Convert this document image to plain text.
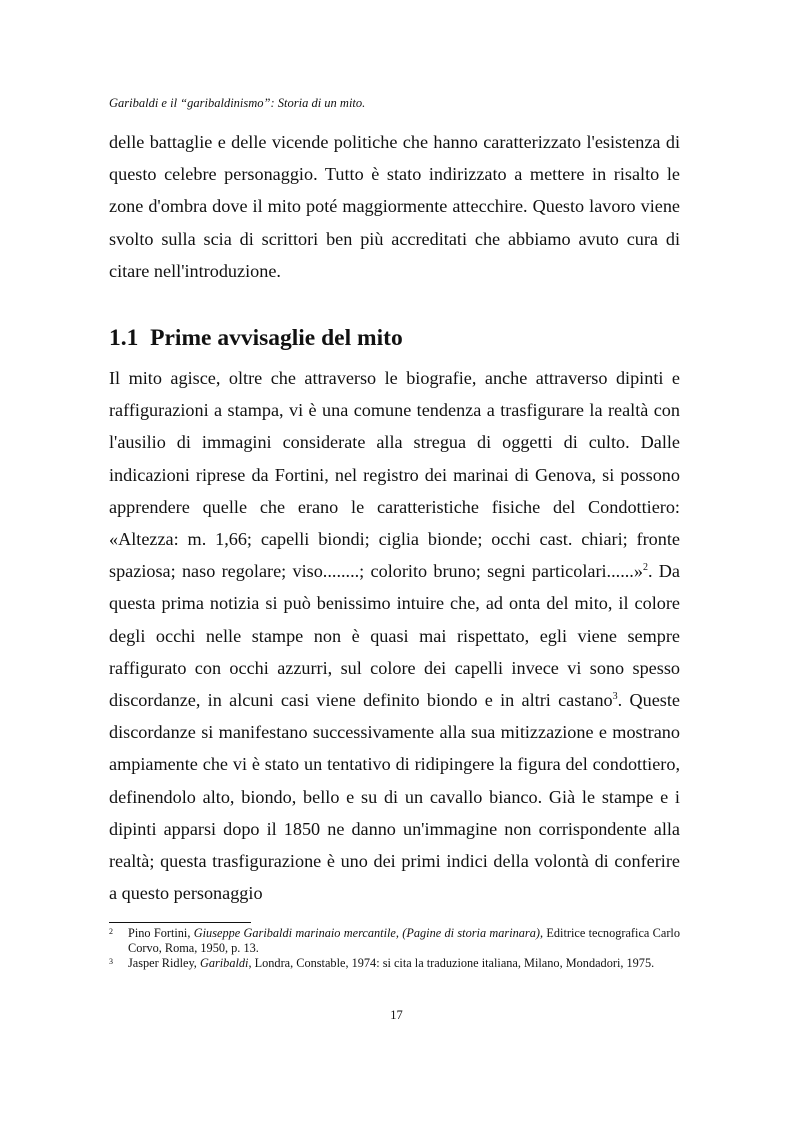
Garibaldi e il “garibaldinismo”: Storia di un mito.

delle battaglie e delle vicende politiche che hanno caratterizzato l'esistenza di questo celebre personaggio. Tutto è stato indirizzato a mettere in risalto le zone d'ombra dove il mito poté maggiormente attecchire. Questo lavoro viene svolto sulla scia di scrittori ben più accreditati che abbiamo avuto cura di citare nell'introduzione.

1.1 Prime avvisaglie del mito

Il mito agisce, oltre che attraverso le biografie, anche attraverso dipinti e raffigurazioni a stampa, vi è una comune tendenza a trasfigurare la realtà con l'ausilio di immagini considerate alla stregua di oggetti di culto. Dalle indicazioni riprese da Fortini, nel registro dei marinai di Genova, si possono apprendere quelle che erano le caratteristiche fisiche del Condottiero: «Altezza: m. 1,66; capelli biondi; ciglia bionde; occhi cast. chiari; fronte spaziosa; naso regolare; viso........; colorito bruno; segni particolari......»$^2$. Da questa prima notizia si può benissimo intuire che, ad onta del mito, il colore degli occhi nelle stampe non è quasi mai rispettato, egli viene sempre raffigurato con occhi azzurri, sul colore dei capelli invece vi sono spesso discordanze, in alcuni casi viene definito biondo e in altri castano$^3$. Queste discordanze si manifestano successivamente alla sua mitizzazione e mostrano ampiamente che vi è stato un tentativo di ridipingere la figura del condottiero, definendolo alto, biondo, bello e su di un cavallo bianco. Già le stampe e i dipinti apparsi dopo il 1850 ne danno un'immagine non corrispondente alla realtà; questa trasfigurazione è uno dei primi indici della volontà di conferire a questo personaggio

2 Pino Fortini, Giuseppe Garibaldi marinaio mercantile, (Pagine di storia marinara), Editrice tecnografica Carlo Corvo, Roma, 1950, p. 13.
3 Jasper Ridley, Garibaldi, Londra, Constable, 1974: si cita la traduzione italiana, Milano, Mondadori, 1975.
17
